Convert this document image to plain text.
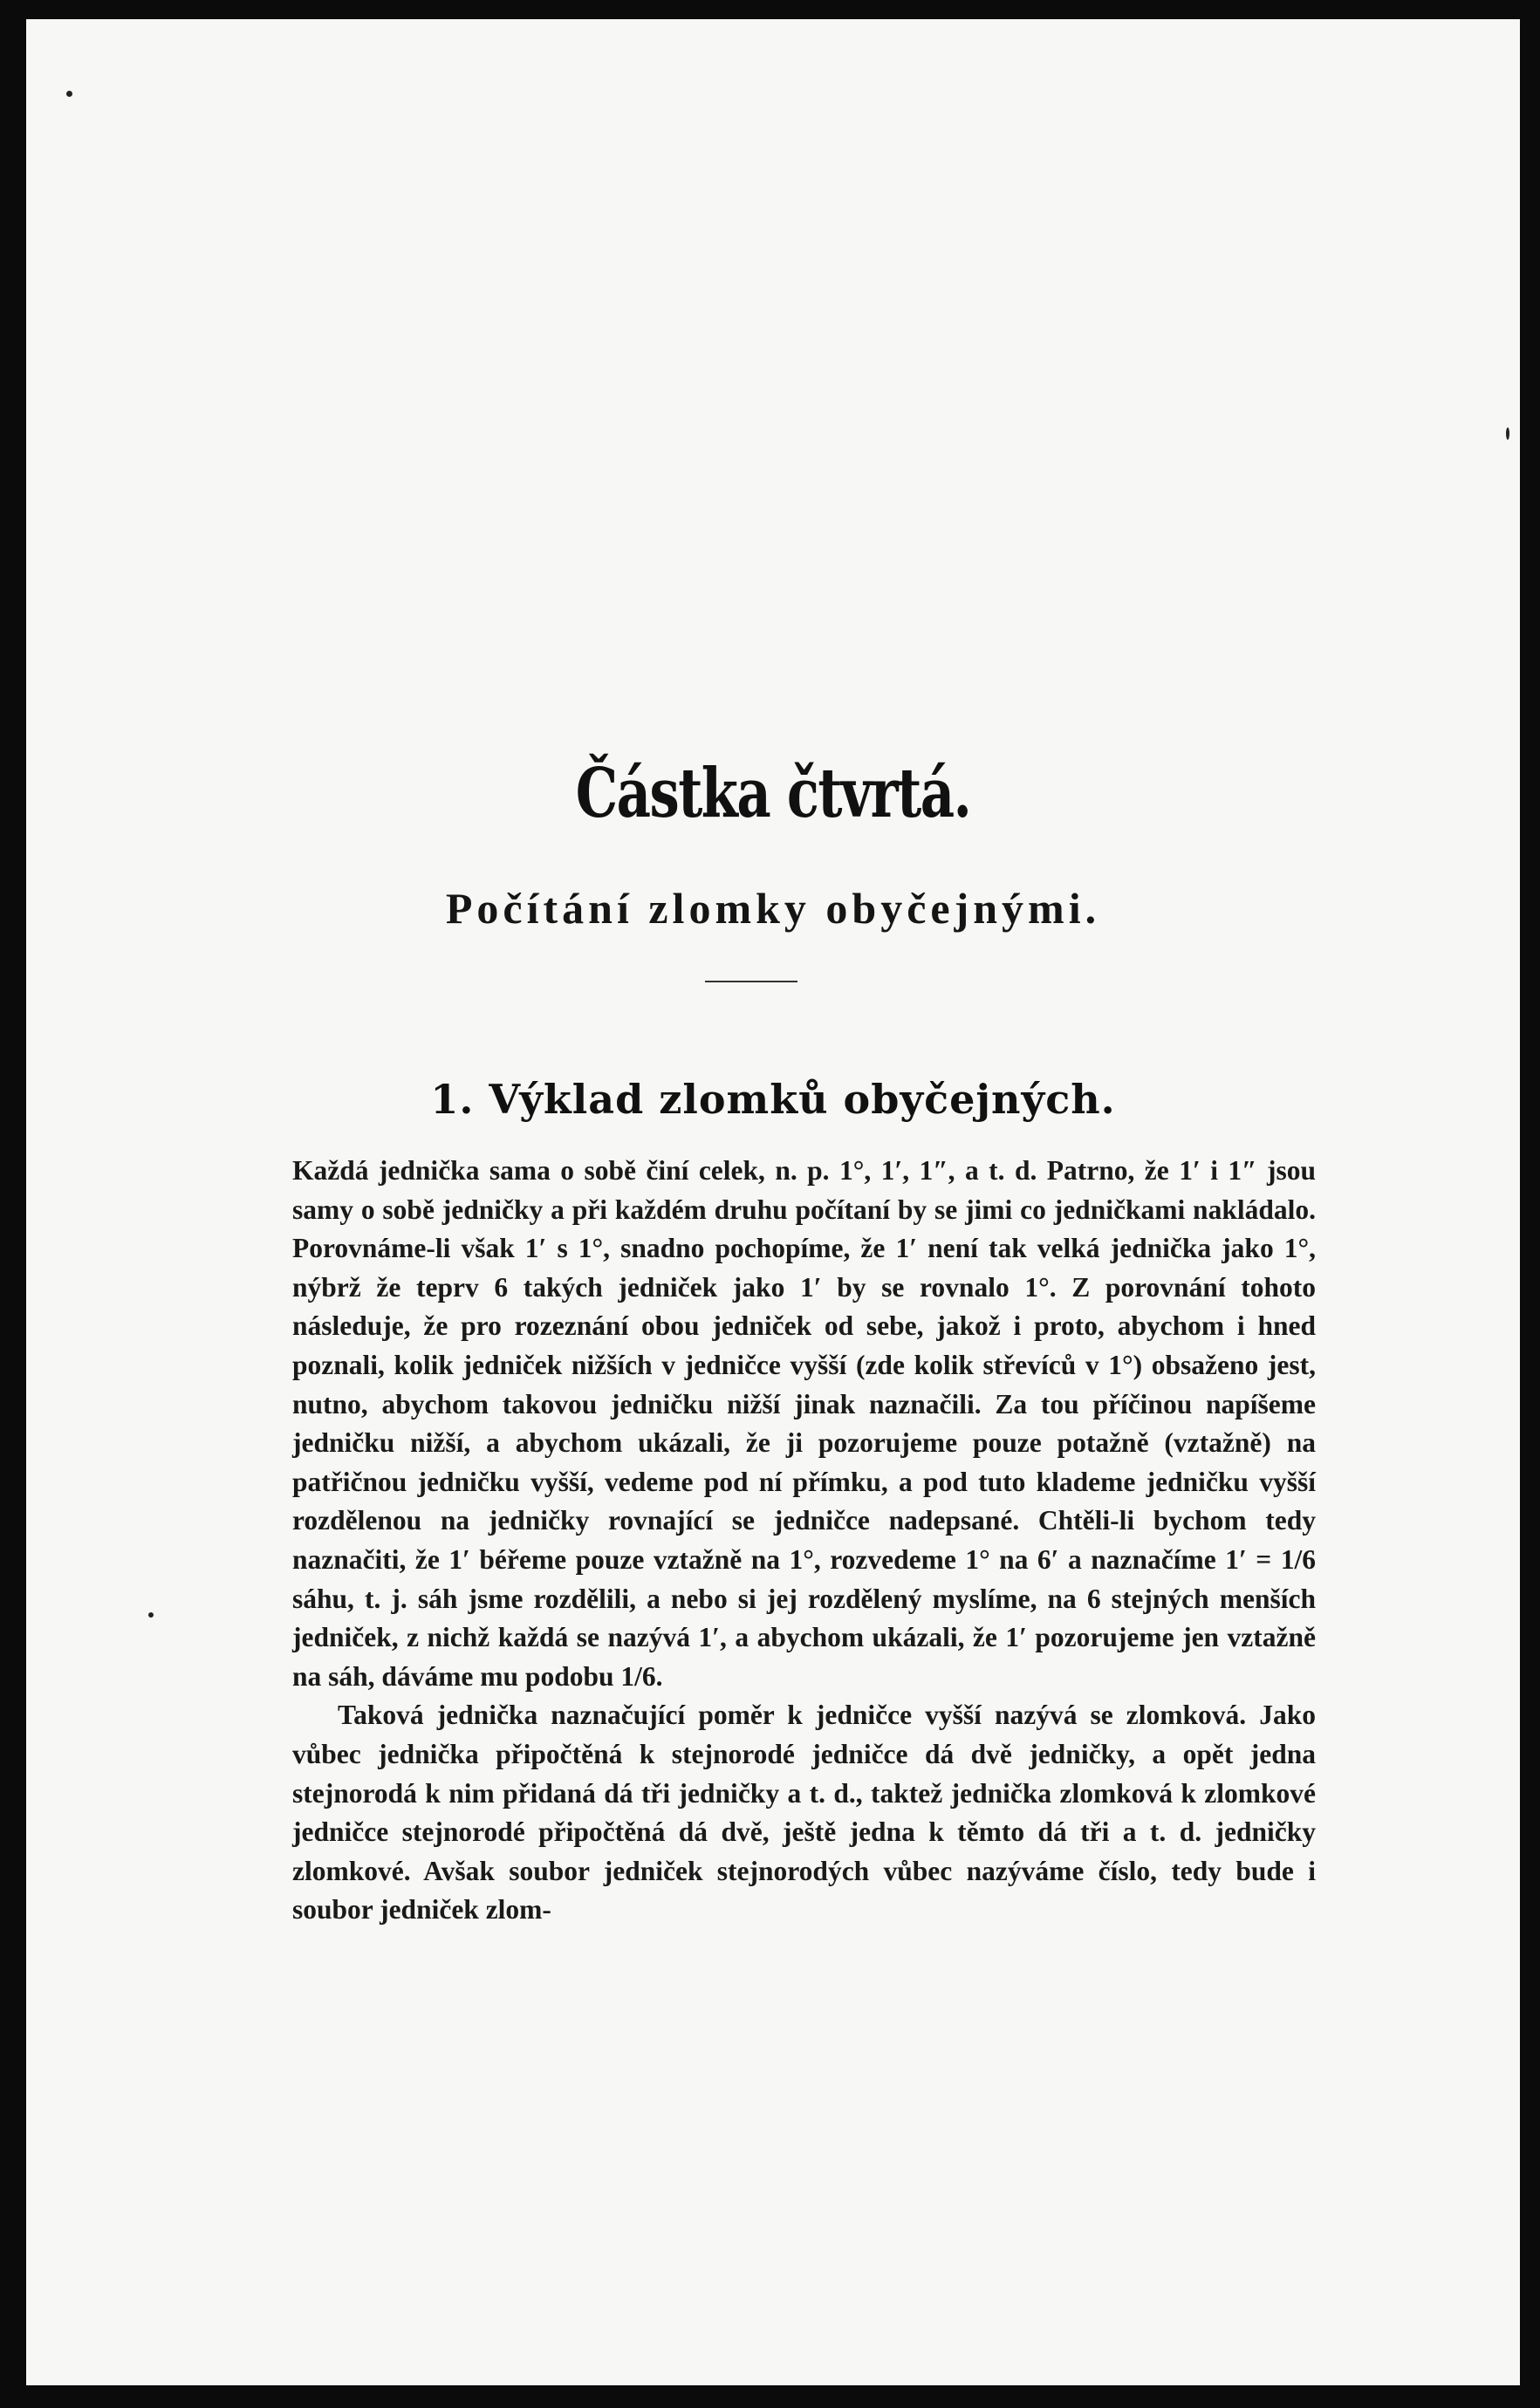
Částka čtvrtá.
Počítání zlomky obyčejnými.
1. Výklad zlomků obyčejných.

Každá jednička sama o sobě činí celek, n. p. 1°, 1′, 1″, a t. d. Patrno, že 1′ i 1″ jsou samy o sobě jedničky a při každém druhu počítaní by se jimi co jedničkami nakládalo. Porovnáme-li však 1′ s 1°, snadno pochopíme, že 1′ není tak velká jednička jako 1°, nýbrž že teprv 6 takých jedniček jako 1′ by se rovnalo 1°. Z porovnání tohoto následuje, že pro rozeznání obou jedniček od sebe, jakož i proto, abychom i hned poznali, kolik jedniček nižších v jedničce vyšší (zde kolik střevíců v 1°) obsaženo jest, nutno, abychom takovou jedničku nižší jinak naznačili. Za tou příčinou napíšeme jedničku nižší, a abychom ukázali, že ji pozorujeme pouze potažně (vztažně) na patřičnou jedničku vyšší, vedeme pod ní přímku, a pod tuto klademe jedničku vyšší rozdělenou na jedničky rovnající se jedničce nadepsané. Chtěli-li bychom tedy naznačiti, že 1′ béřeme pouze vztažně na 1°, rozvedeme 1° na 6′ a naznačíme 1′ = 1/6 sáhu, t. j. sáh jsme rozdělili, a nebo si jej rozdělený myslíme, na 6 stejných menších jedniček, z nichž každá se nazývá 1′, a abychom ukázali, že 1′ pozorujeme jen vztažně na sáh, dáváme mu podobu 1/6.

Taková jednička naznačující poměr k jedničce vyšší nazývá se zlomková. Jako vůbec jednička připočtěná k stejnorodé jedničce dá dvě jedničky, a opět jedna stejnorodá k nim přidaná dá tři jedničky a t. d., taktež jednička zlomková k zlomkové jedničce stejnorodé připočtěná dá dvě, ještě jedna k těmto dá tři a t. d. jedničky zlomkové. Avšak soubor jedniček stejnorodých vůbec nazýváme číslo, tedy bude i soubor jedniček zlom-
